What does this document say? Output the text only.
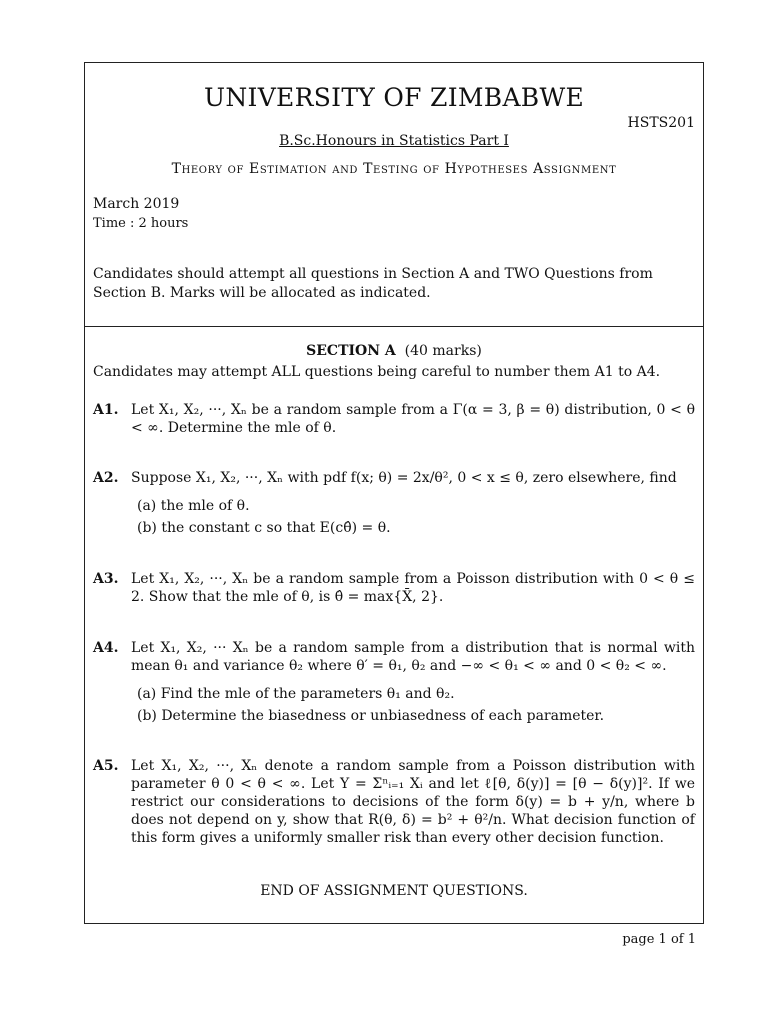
UNIVERSITY OF ZIMBABWE
HSTS201
B.Sc.Honours in Statistics Part I
Theory of Estimation and Testing of Hypotheses Assignment
March 2019
Time : 2 hours
Candidates should attempt all questions in Section A and TWO Questions from Section B. Marks will be allocated as indicated.
SECTION A (40 marks)
Candidates may attempt ALL questions being careful to number them A1 to A4.
A1. Let X₁, X₂, ···, Xₙ be a random sample from a Γ(α = 3, β = θ) distribution, 0 < θ < ∞. Determine the mle of θ.
A2. Suppose X₁, X₂, ···, Xₙ with pdf f(x; θ) = 2x/θ², 0 < x ≤ θ, zero elsewhere, find
(a) the mle of θ.
(b) the constant c so that E(cθ̂) = θ.
A3. Let X₁, X₂, ···, Xₙ be a random sample from a Poisson distribution with 0 < θ ≤ 2. Show that the mle of θ, is θ̂ = max{X̄, 2}.
A4. Let X₁, X₂, ··· Xₙ be a random sample from a distribution that is normal with mean θ₁ and variance θ₂ where θ′ = θ₁, θ₂ and −∞ < θ₁ < ∞ and 0 < θ₂ < ∞.
(a) Find the mle of the parameters θ₁ and θ₂.
(b) Determine the biasedness or unbiasedness of each parameter.
A5. Let X₁, X₂, ···, Xₙ denote a random sample from a Poisson distribution with parameter θ 0 < θ < ∞. Let Y = Σⁿᵢ₌₁ Xᵢ and let ℓ[θ, δ(y)] = [θ − δ(y)]². If we restrict our considerations to decisions of the form δ(y) = b + y/n, where b does not depend on y, show that R(θ, δ) = b² + θ²/n. What decision function of this form gives a uniformly smaller risk than every other decision function.
END OF ASSIGNMENT QUESTIONS.
page 1 of 1
